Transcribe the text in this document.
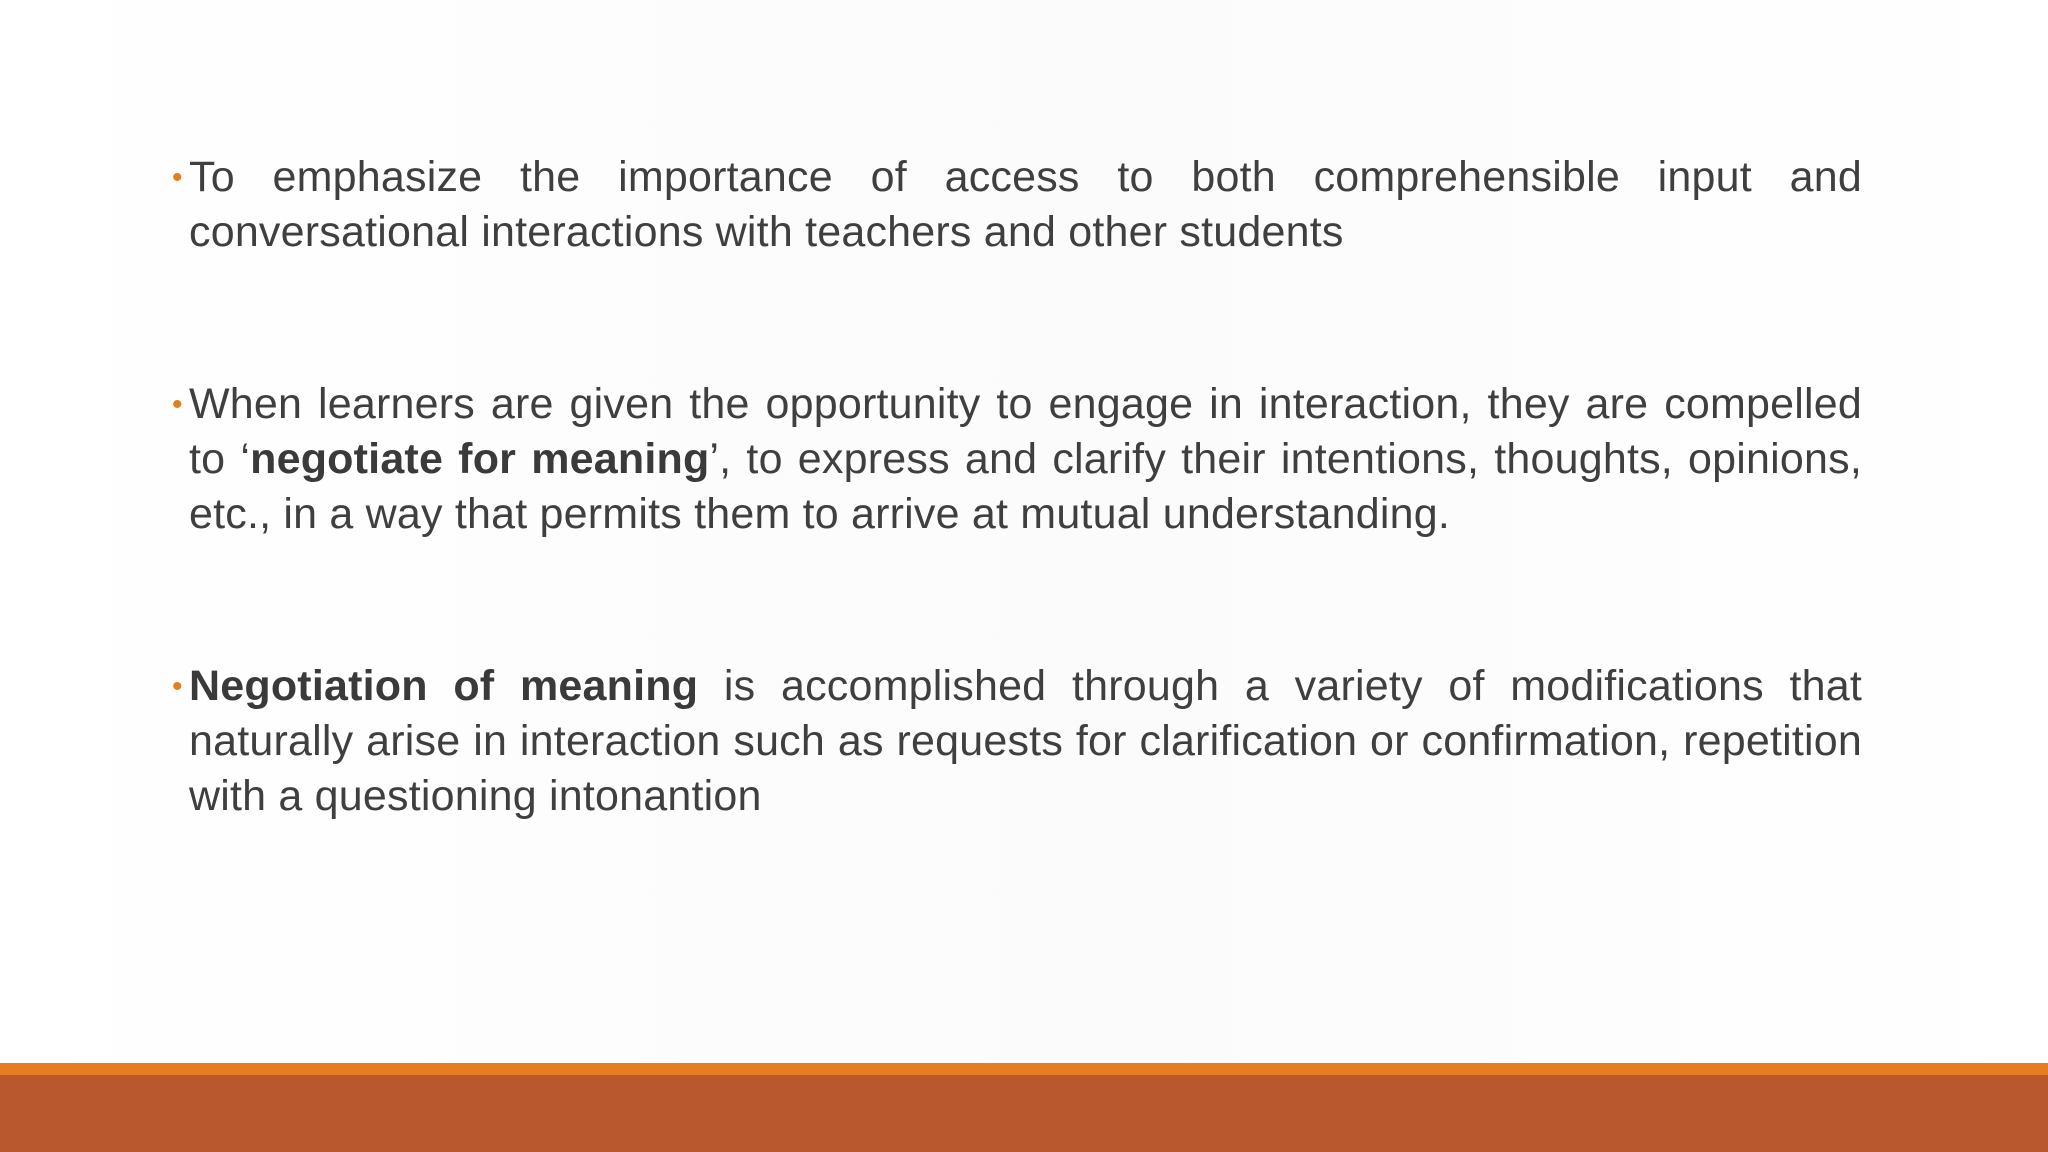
• To emphasize the importance of access to both comprehensible input and conversational interactions with teachers and other students

• When learners are given the opportunity to engage in interaction, they are compelled to ‘negotiate for meaning’, to express and clarify their intentions, thoughts, opinions, etc., in a way that permits them to arrive at mutual understanding.

• Negotiation of meaning is accomplished through a variety of modifications that naturally arise in interaction such as requests for clarification or confirmation, repetition with a questioning intonantion
